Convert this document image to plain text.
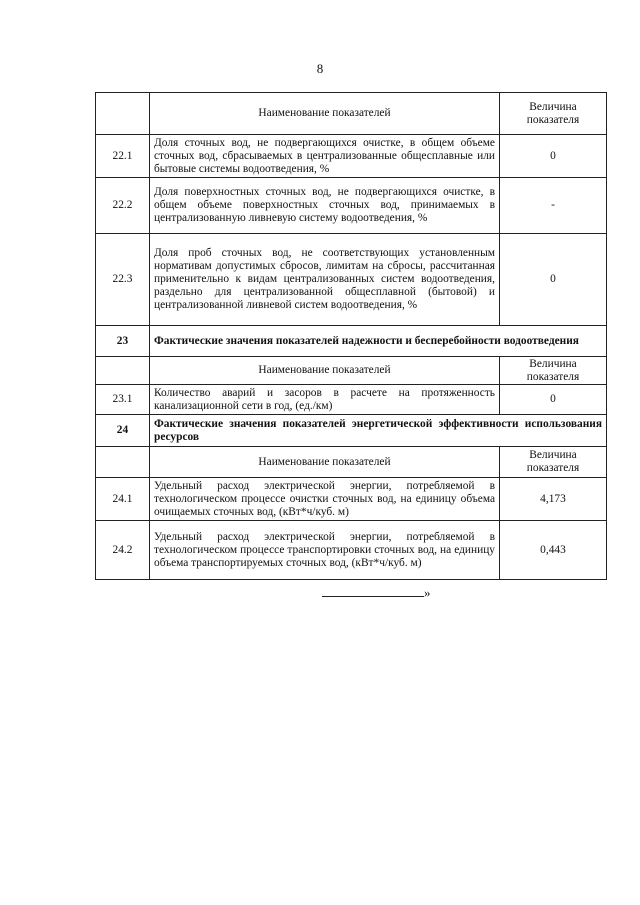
8
	Наименование показателей	Величина показателя
22.1	Доля сточных вод, не подвергающихся очистке, в общем объеме сточных вод, сбрасываемых в централизованные общесплавные или бытовые системы водоотведения, %	0
22.2	Доля поверхностных сточных вод, не подвергающихся очистке, в общем объеме поверхностных сточных вод, принимаемых в централизованную ливневую систему водоотведения, %	-
22.3	Доля проб сточных вод, не соответствующих установленным нормативам допустимых сбросов, лимитам на сбросы, рассчитанная применительно к видам централизованных систем водоотведения, раздельно для централизованной общесплавной (бытовой) и централизованной ливневой систем водоотведения, %	0
23	Фактические значения показателей надежности и бесперебойности водоотведения	
	Наименование показателей	Величина показателя
23.1	Количество аварий и засоров в расчете на протяженность канализационной сети в год, (ед./км)	0
24	Фактические значения показателей энергетической эффективности использования ресурсов	
	Наименование показателей	Величина показателя
24.1	Удельный расход электрической энергии, потребляемой в технологическом процессе очистки сточных вод, на единицу объема очищаемых сточных вод, (кВт*ч/куб. м)	4,173
24.2	Удельный расход электрической энергии, потребляемой в технологическом процессе транспортировки сточных вод, на единицу объема транспортируемых сточных вод, (кВт*ч/куб. м)	0,443
»
